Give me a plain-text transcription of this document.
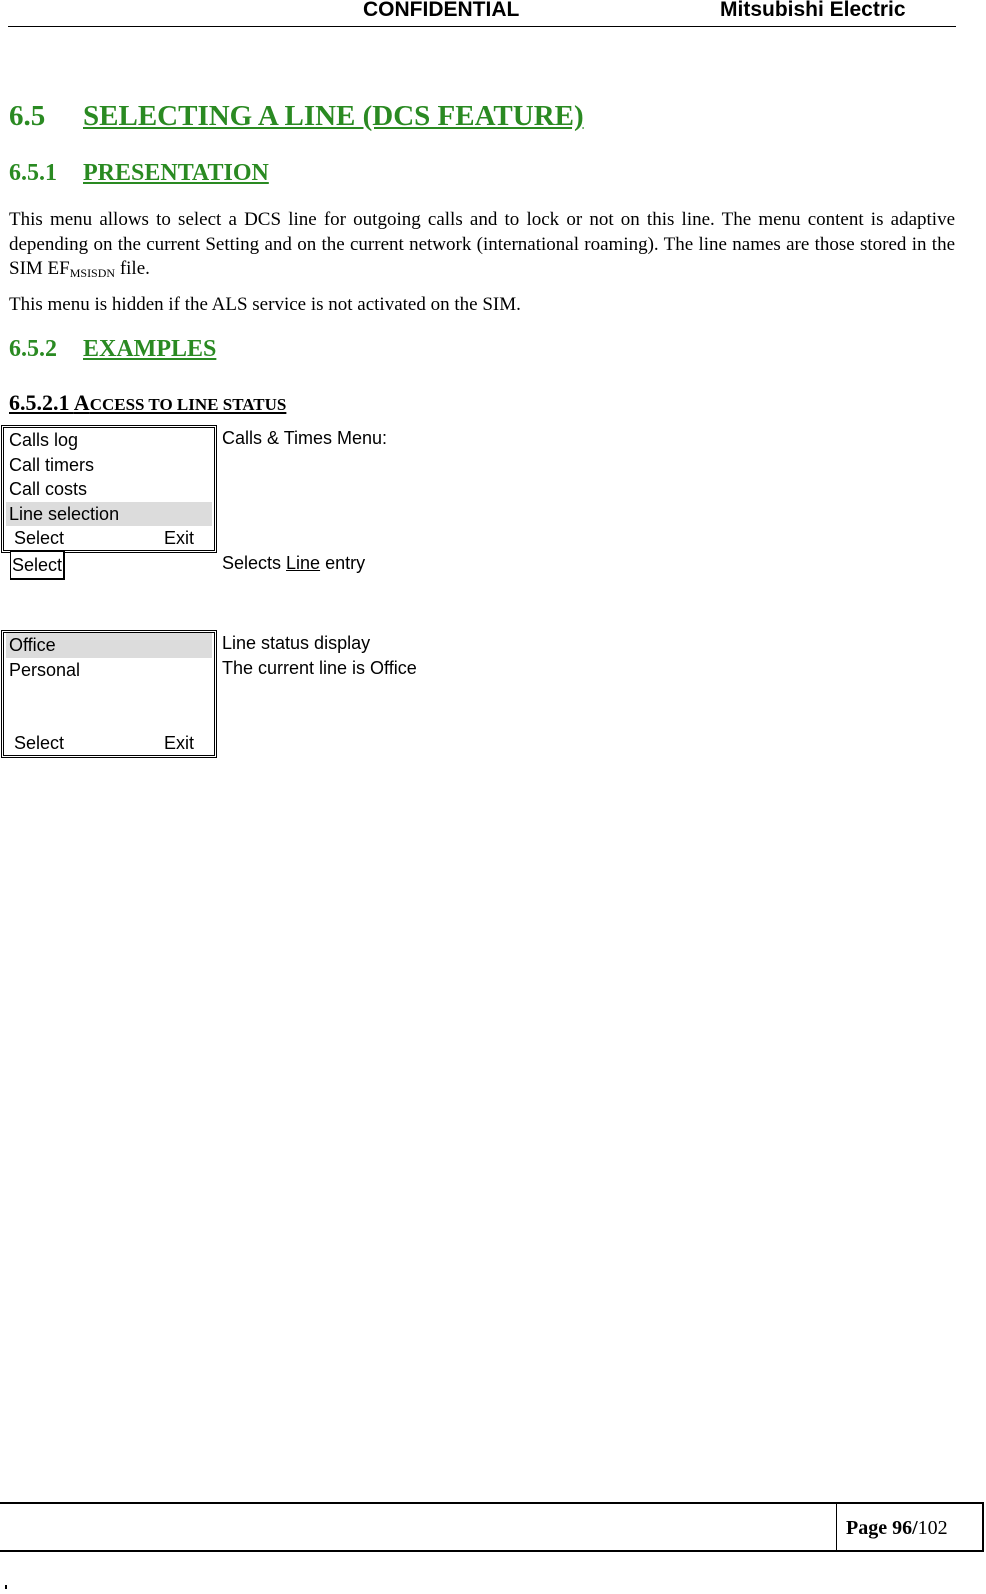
CONFIDENTIAL	Mitsubishi Electric
6.5 SELECTING A LINE (DCS FEATURE)
6.5.1 PRESENTATION

This menu allows to select a DCS line for outgoing calls and to lock or not on this line. The menu content is adaptive depending on the current Setting and on the current network (international roaming). The line names are those stored in the SIM $EF_{MSISDN}$ file.

This menu is hidden if the ALS service is not activated on the SIM.

6.5.2 EXAMPLES
6.5.2.1 ACCESS TO LINE STATUS
Calls log
Call timers
Call costs
Line selection
Select	Exit
Calls & Times Menu:
Select	Selects Line entry
Office
Personal
Select	Exit
Line status display
The current line is Office
Page 96/102
